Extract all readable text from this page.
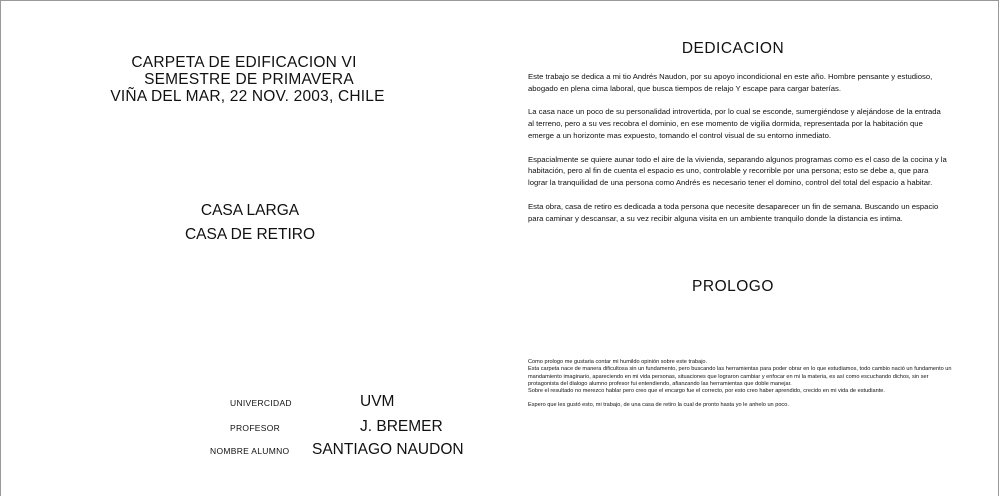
CARPETA DE EDIFICACION VI
SEMESTRE DE PRIMAVERA
VIÑA DEL MAR, 22 NOV. 2003, CHILE
CASA LARGA
CASA DE RETIRO
UNIVERCIDAD	UVM
PROFESOR	J. BREMER
NOMBRE ALUMNO SANTIAGO NAUDON
DEDICACION

Este trabajo se dedica a mi tio Andrés Naudon, por su apoyo incondicional en este año. Hombre pensante y estudioso, abogado en plena cima laboral, que busca tiempos de relajo Y escape para cargar baterías.

La casa nace un poco de su personalidad introvertida, por lo cual se esconde, sumergiéndose y alejándose de la entrada al terreno, pero a su ves recobra el dominio, en ese momento de vigilia dormida, representada por la habitación que emerge a un horizonte mas expuesto, tomando el control visual de su entorno inmediato.

Espacialmente se quiere aunar todo el aire de la vivienda, separando algunos programas como es el caso de la cocina y la habitación, pero al fin de cuenta el espacio es uno, controlable y recorrible por una persona; esto se debe a, que para lograr la tranquilidad de una persona como Andrés es necesario tener el domino, control del total del espacio a habitar.

Esta obra, casa de retiro es dedicada a toda persona que necesite desaparecer un fin de semana. Buscando un espacio para caminar y descansar, a su vez recibir alguna visita en un ambiente tranquilo donde la distancia es intima.

PROLOGO

Como prologo me gustaria contar mi humildo opinión sobre este trabajo.
Esta carpeta nace de manera dificultosa sin un fundamento, pero buscando las herramientas para poder obrar en lo que estudiamos, todo cambio nació un fundamento un mandamiento imaginario, apareciendo en mi vida personas, situaciones que lograron cambiar y enfocar en mi la materia, es así como escuchando dichos, sin ser protagonista del dialogo alumno profesor fui entendiendo, afianzando las herramientas que doble manejar.
Sobre el resultado no merezco hablar pero creo que el encargo fue el correcto, por esto creo haber aprendido, crecido en mi vida de estudiante.

Espero que les gustó esto, mi trabajo, de una casa de retiro la cual de pronto hasta yo le anhelo un poco.
